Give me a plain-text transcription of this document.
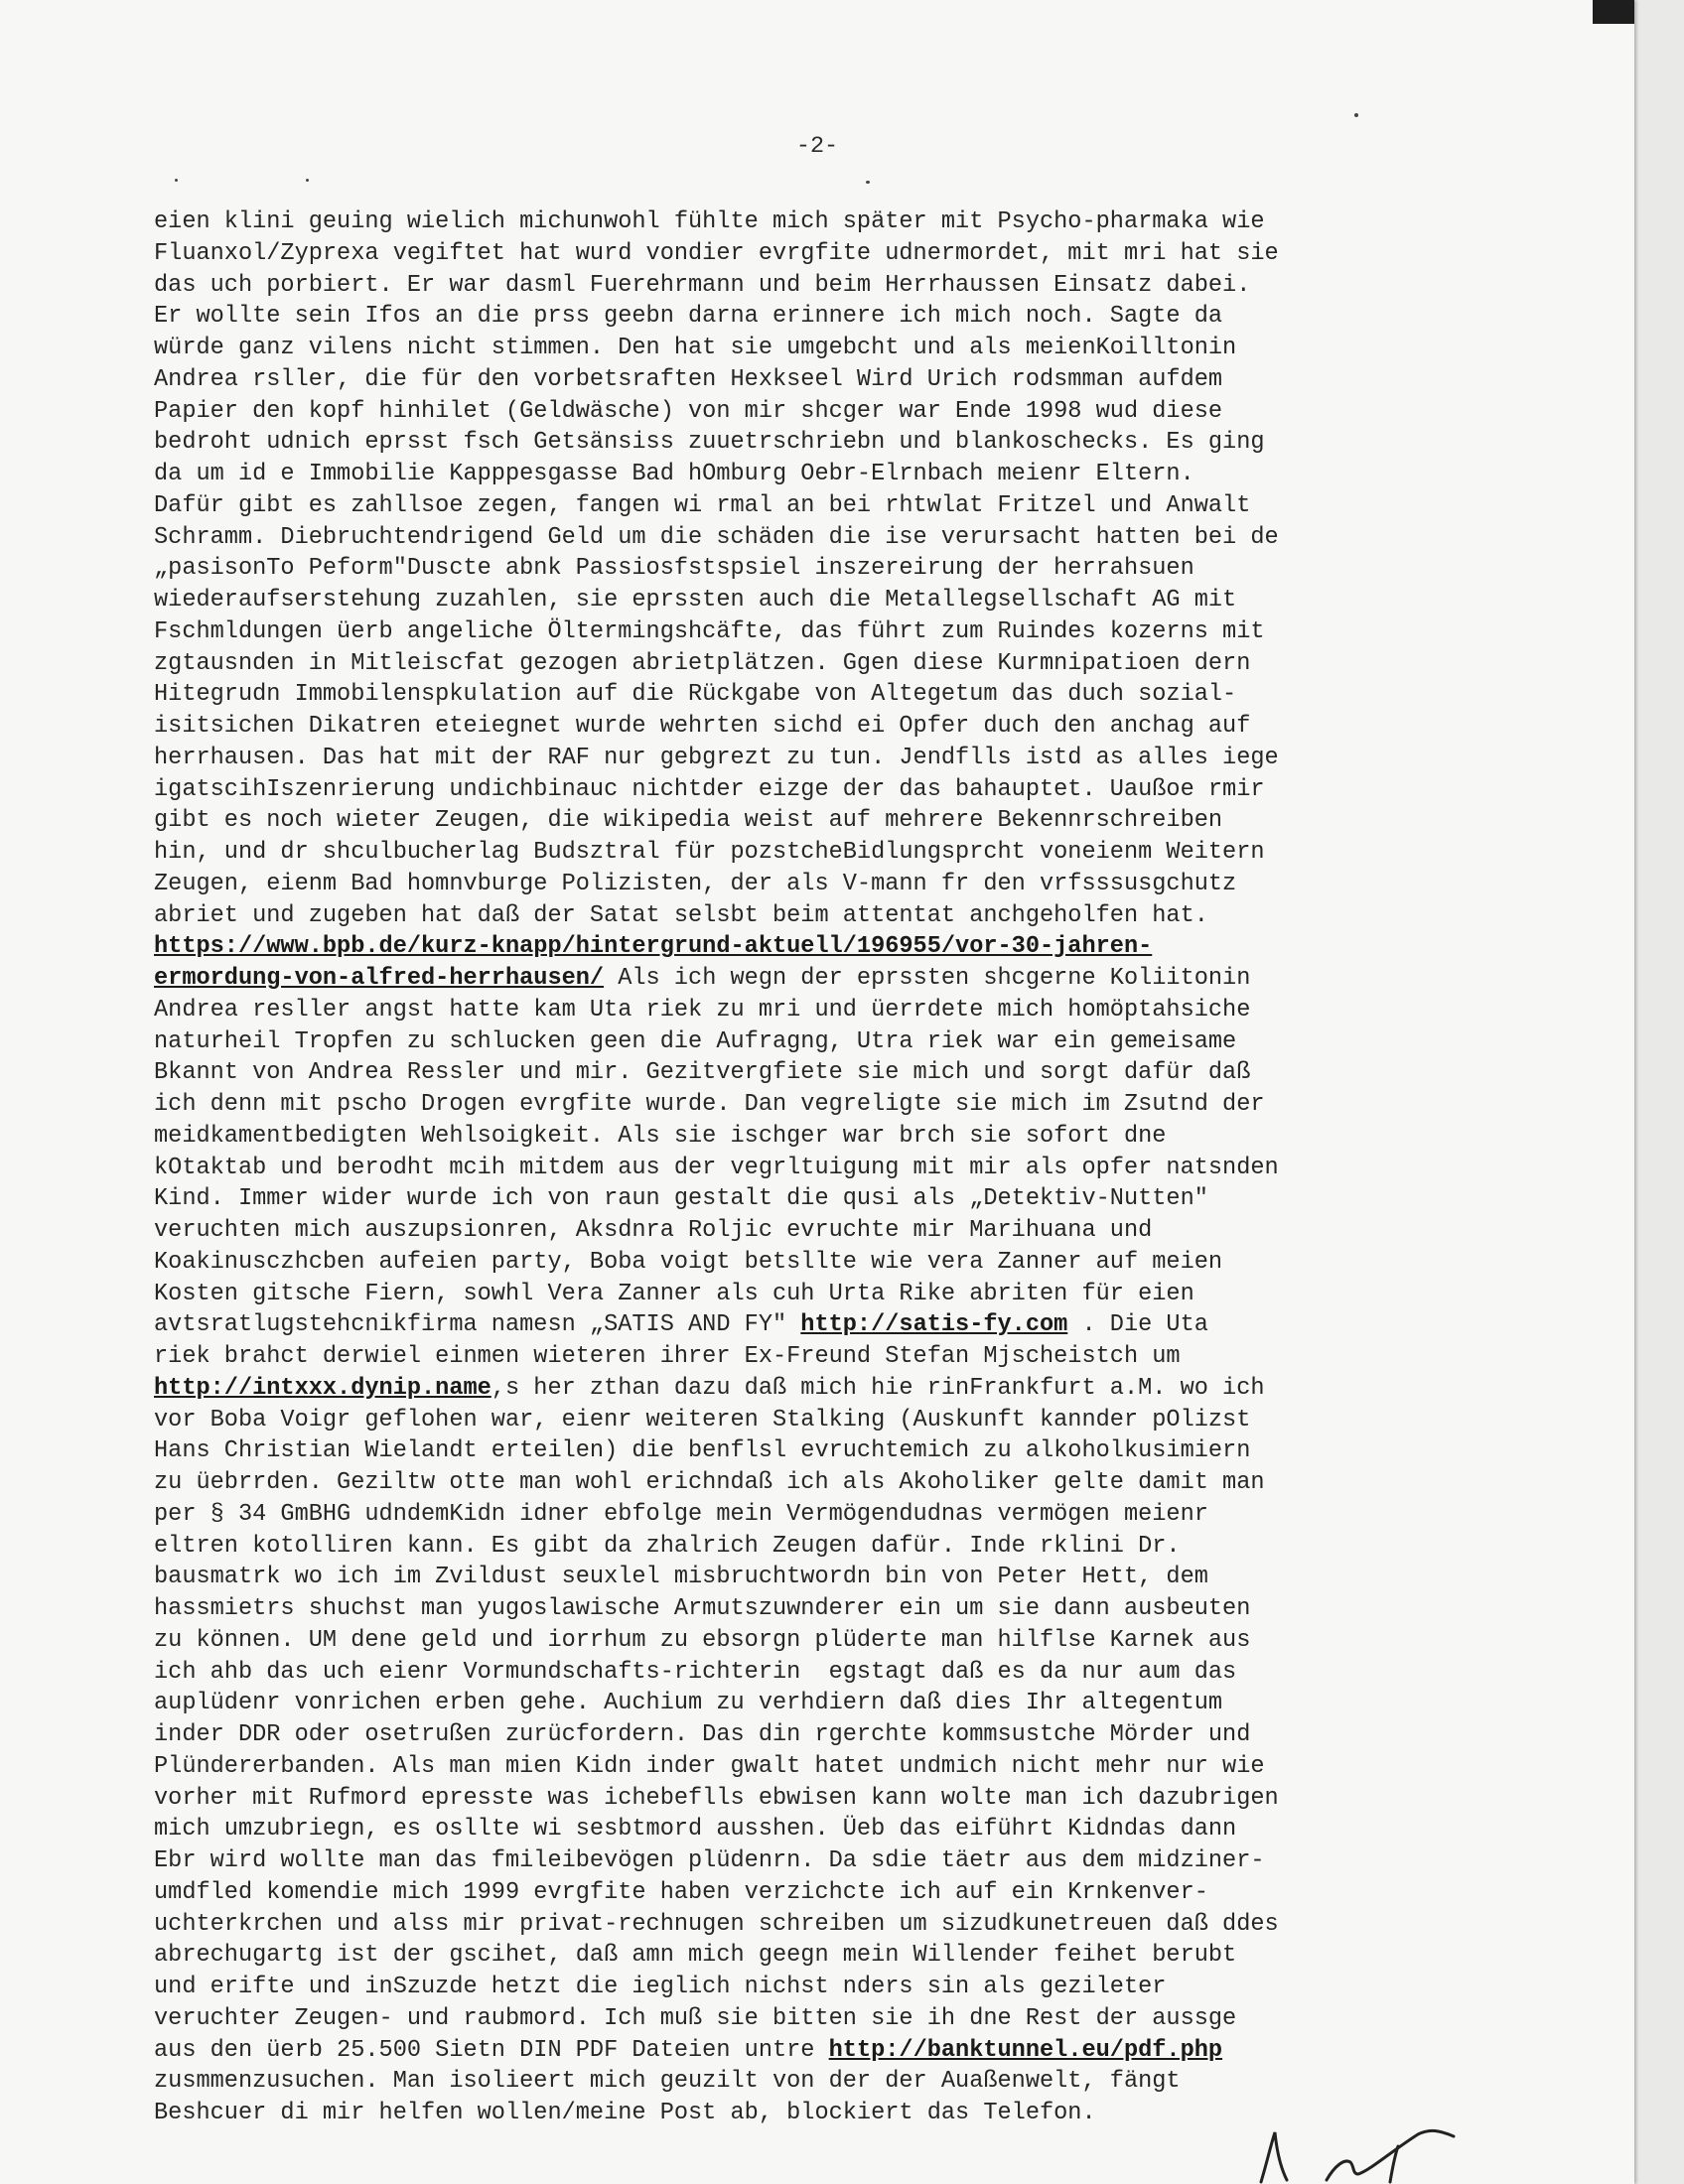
-2-
eien klini geuing wielich michunwohl fühlte mich später mit Psycho-pharmaka wie
Fluanxol/Zyprexa vegiftet hat wurd vondier evrgfite udnermordet, mit mri hat sie
das uch porbiert. Er war dasml Fuerehrmann und beim Herrhaussen Einsatz dabei.
Er wollte sein Ifos an die prss geebn darna erinnere ich mich noch. Sagte da
würde ganz vilens nicht stimmen. Den hat sie umgebcht und als meienKoilltonin
Andrea rsller, die für den vorbetsraften Hexkseel Wird Urich rodsmman aufdem
Papier den kopf hinhilet (Geldwäsche) von mir shcger war Ende 1998 wud diese
bedroht udnich eprsst fsch Getsänsiss zuuetrschriebn und blankoschecks. Es ging
da um id e Immobilie Kapppesgasse Bad hOmburg Oebr-Elrnbach meienr Eltern.
Dafür gibt es zahllsoe zegen, fangen wi rmal an bei rhtwlat Fritzel und Anwalt
Schramm. Diebruchtendrigend Geld um die schäden die ise verursacht hatten bei de
„pasisonTo Peform"Duscte abnk Passiosfstspsiel inszereirung der herrahsuen
wiederaufserstehung zuzahlen, sie eprssten auch die Metallegsellschaft AG mit
Fschmldungen üerb angeliche Öltermingshcäfte, das führt zum Ruindes kozerns mit
zgtausnden in Mitleiscfat gezogen abrietplätzen. Ggen diese Kurmnipatioen dern
Hitegrudn Immobilenspkulation auf die Rückgabe von Altegetum das duch sozial-
isitsichen Dikatren eteiegnet wurde wehrten sichd ei Opfer duch den anchag auf
herrhausen. Das hat mit der RAF nur gebgrezt zu tun. Jendflls istd as alles iege
igatscihIszenrierung undichbinauc nichtder eizge der das bahauptet. Uaußoe rmir
gibt es noch wieter Zeugen, die wikipedia weist auf mehrere Bekennrschreiben
hin, und dr shculbucherlag Budsztral für pozstcheBidlungsprcht voneienm Weitern
Zeugen, eienm Bad homnvburge Polizisten, der als V-mann fr den vrfsssusgchutz
abriet und zugeben hat daß der Satat selsbt beim attentat anchgeholfen hat.
https://www.bpb.de/kurz-knapp/hintergrund-aktuell/196955/vor-30-jahren-
ermordung-von-alfred-herrhausen/ Als ich wegn der eprssten shcgerne Koliitonin
Andrea resller angst hatte kam Uta riek zu mri und üerrdete mich homöptahsiche
naturheil Tropfen zu schlucken geen die Aufragng, Utra riek war ein gemeisame
Bkannt von Andrea Ressler und mir. Gezitvergfiete sie mich und sorgt dafür daß
ich denn mit pscho Drogen evrgfite wurde. Dan vegreligte sie mich im Zsutnd der
meidkamentbedigten Wehlsoigkeit. Als sie ischger war brch sie sofort dne
kOtaktab und berodht mcih mitdem aus der vegrltuigung mit mir als opfer natsnden
Kind. Immer wider wurde ich von raun gestalt die qusi als „Detektiv-Nutten"
veruchten mich auszupsionren, Aksdnra Roljic evruchte mir Marihuana und
Koakinusczhcben aufeien party, Boba voigt betsllte wie vera Zanner auf meien
Kosten gitsche Fiern, sowhl Vera Zanner als cuh Urta Rike abriten für eien
avtsratlugstehcnikfirma namesn „SATIS AND FY" http://satis-fy.com . Die Uta
riek brahct derwiel einmen wieteren ihrer Ex-Freund Stefan Mjscheistch um
http://intxxx.dynip.name,s her zthan dazu daß mich hie rinFrankfurt a.M. wo ich
vor Boba Voigr geflohen war, eienr weiteren Stalking (Auskunft kannder pOlizst
Hans Christian Wielandt erteilen) die benflsl evruchtemich zu alkoholkusimiern
zu üebrrden. Geziltw otte man wohl erichndaß ich als Akoholiker gelte damit man
per § 34 GmBHG udndemKidn idner ebfolge mein Vermögendudnas vermögen meienr
eltren kotolliren kann. Es gibt da zhalrich Zeugen dafür. Inde rklini Dr.
bausmatrk wo ich im Zvildust seuxlel misbruchtwordn bin von Peter Hett, dem
hassmietrs shuchst man yugoslawische Armutszuwnderer ein um sie dann ausbeuten
zu können. UM dene geld und iorrhum zu ebsorgn plüderte man hilflse Karnek aus
ich ahb das uch eienr Vormundschafts-richterin  egstagt daß es da nur aum das
auplüdenr vonrichen erben gehe. Auchium zu verhdiern daß dies Ihr altegentum
inder DDR oder osetrußen zurücfordern. Das din rgerchte kommsustche Mörder und
Plündererbanden. Als man mien Kidn inder gwalt hatet undmich nicht mehr nur wie
vorher mit Rufmord epresste was ichebeflls ebwisen kann wolte man ich dazubrigen
mich umzubriegn, es osllte wi sesbtmord ausshen. Üeb das eiführt Kidndas dann
Ebr wird wollte man das fmileibevögen plüdenrn. Da sdie täetr aus dem midziner-
umdfled komendie mich 1999 evrgfite haben verzichcte ich auf ein Krnkenver-
uchterkrchen und alss mir privat-rechnugen schreiben um sizudkunetreuen daß ddes
abrechugartg ist der gscihet, daß amn mich geegn mein Willender feihet berubt
und erifte und inSzuzde hetzt die ieglich nichst nders sin als gezileter
veruchter Zeugen- und raubmord. Ich muß sie bitten sie ih dne Rest der aussge
aus den üerb 25.500 Sietn DIN PDF Dateien untre http://banktunnel.eu/pdf.php
zusmmenzusuchen. Man isolieert mich geuzilt von der der Auaßenwelt, fängt
Beshcuer di mir helfen wollen/meine Post ab, blockiert das Telefon.
